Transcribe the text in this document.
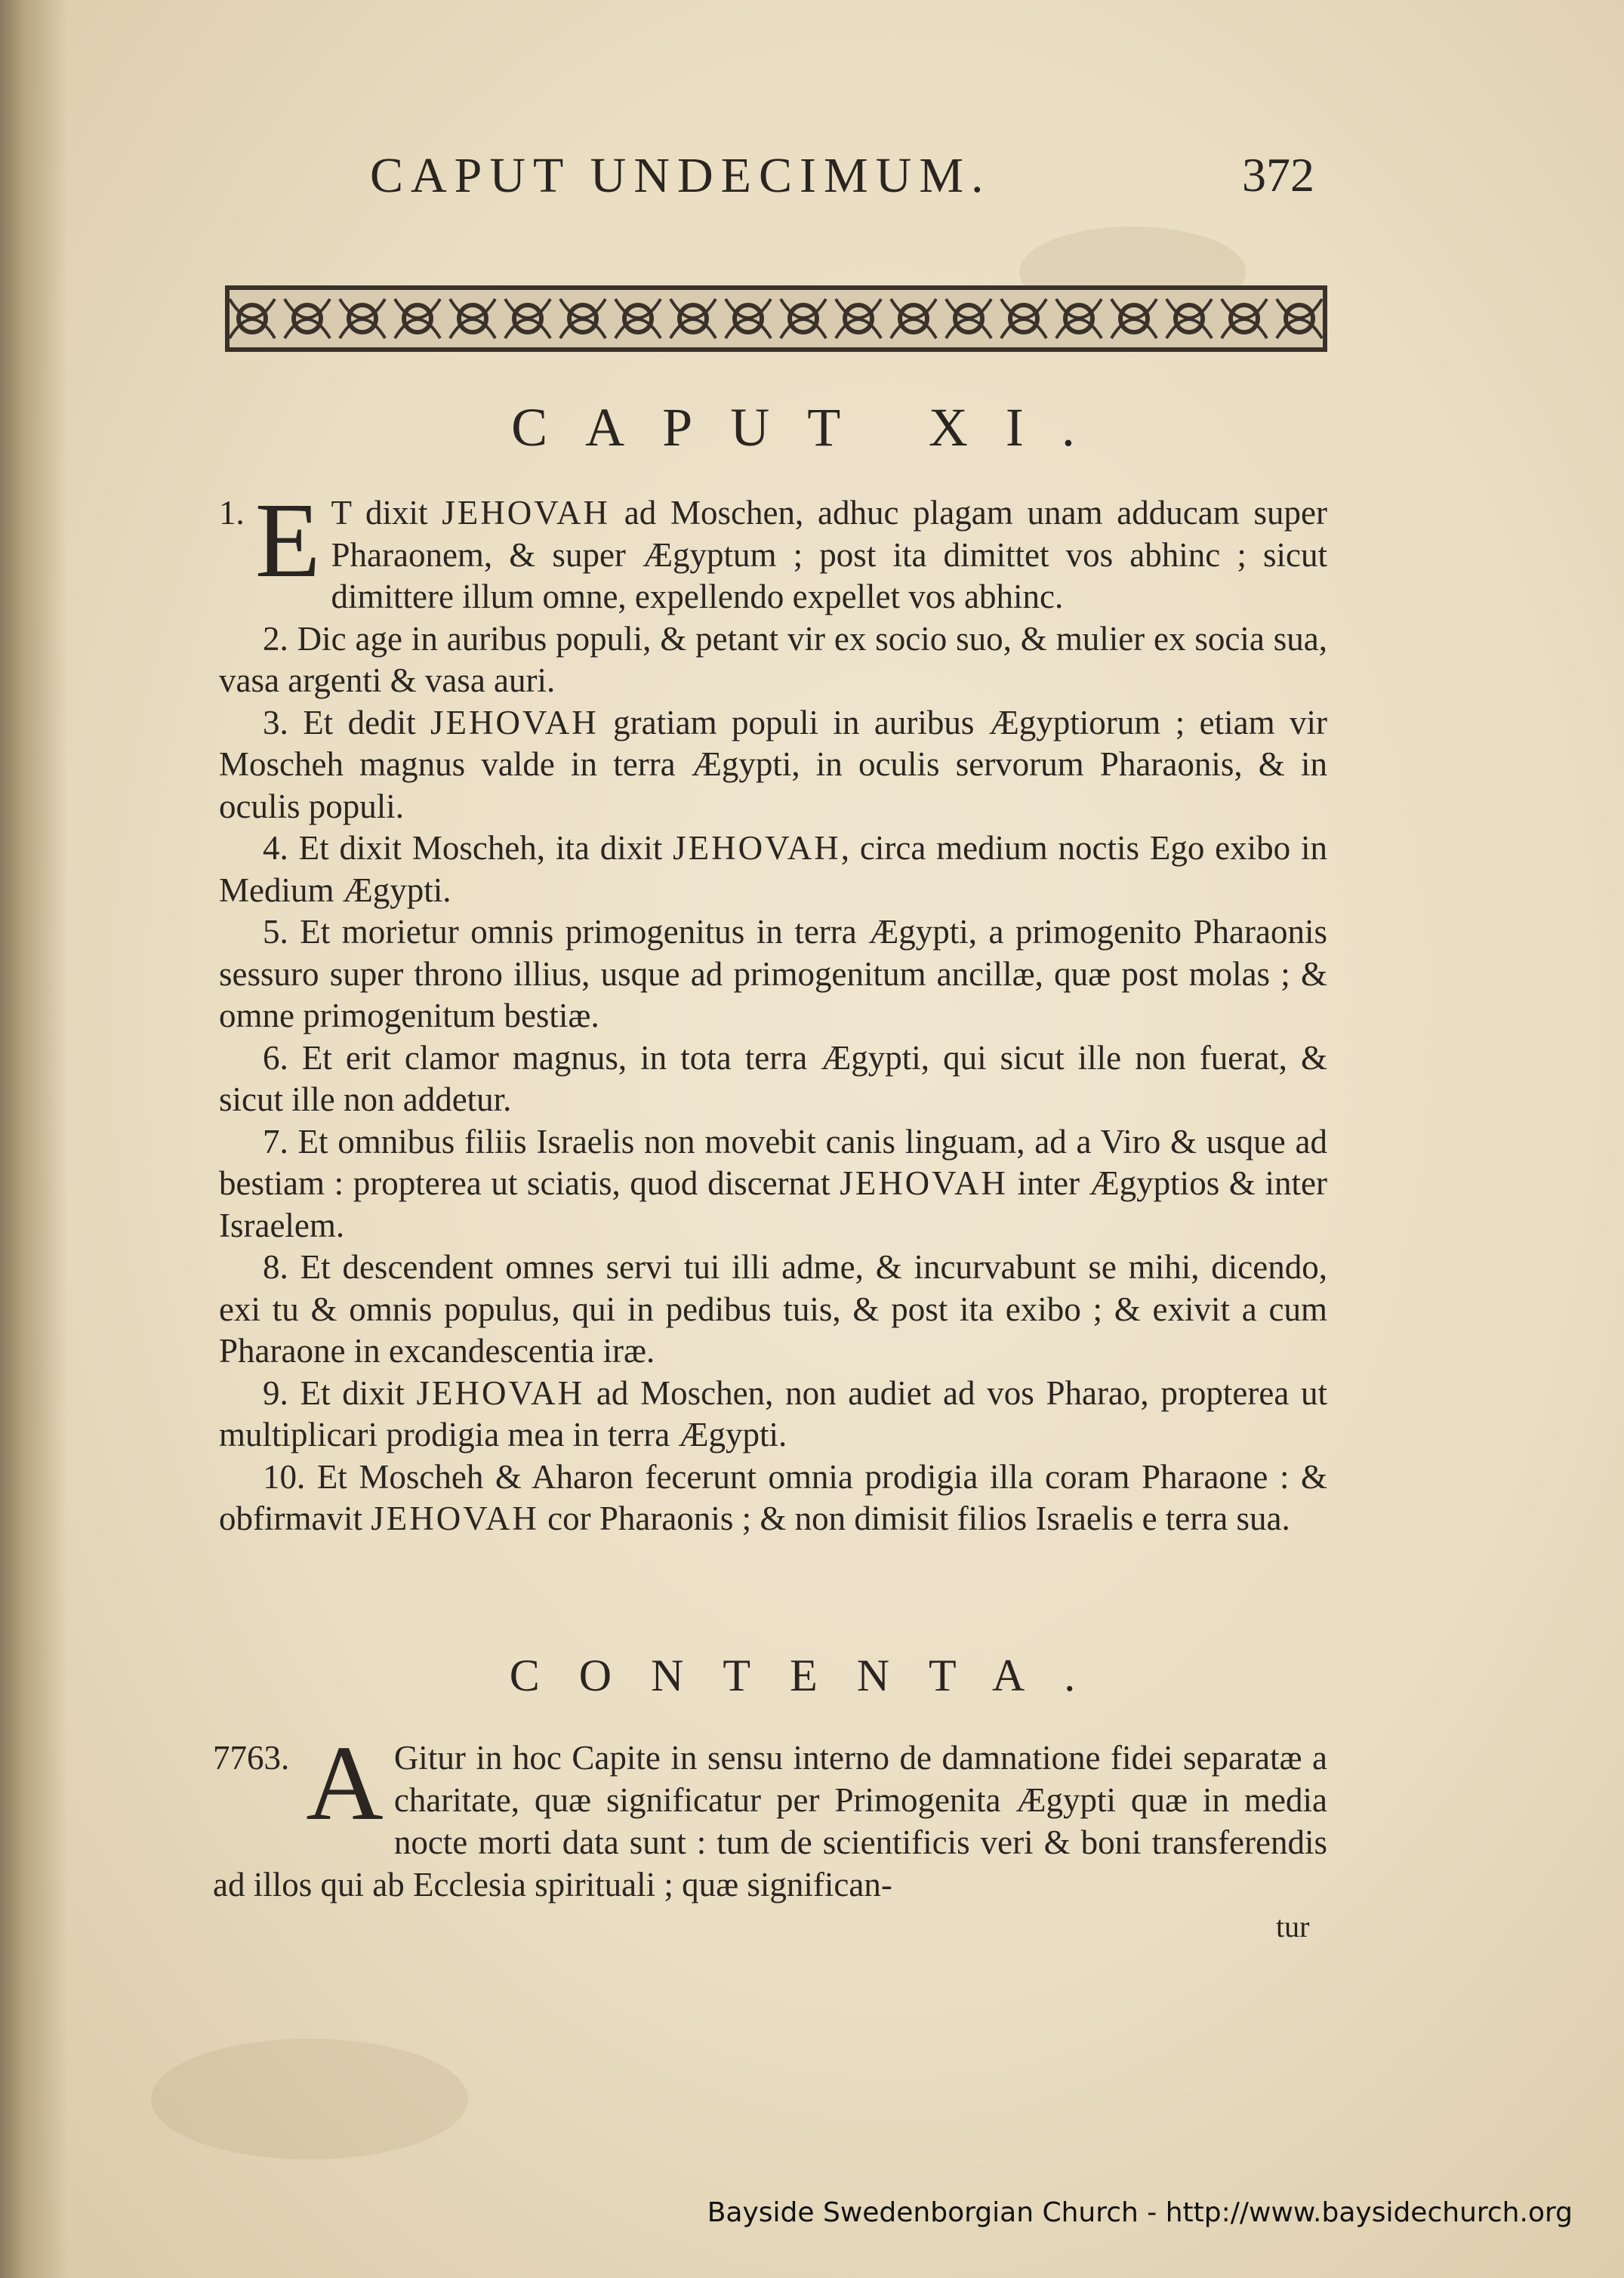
CAPUT UNDECIMUM.	372
CAPUT XI.

1. E T dixit JEHOVAH ad Moschen, adhuc plagam unam adducam super Pharaonem, & super Ægyptum ; post ita dimittet vos abhinc ; sicut dimittere illum omne, expellendo expellet vos abhinc.

2. Dic age in auribus populi, & petant vir ex socio suo, & mulier ex socia sua, vasa argenti & vasa auri.

3. Et dedit JEHOVAH gratiam populi in auribus Ægyptiorum ; etiam vir Moscheh magnus valde in terra Ægypti, in oculis servorum Pharaonis, & in oculis populi.

4. Et dixit Moscheh, ita dixit JEHOVAH, circa medium noctis Ego exibo in Medium Ægypti.

5. Et morietur omnis primogenitus in terra Ægypti, a primogenito Pharaonis sessuro super throno illius, usque ad primogenitum ancillæ, quæ post molas ; & omne primogenitum bestiæ.

6. Et erit clamor magnus, in tota terra Ægypti, qui sicut ille non fuerat, & sicut ille non addetur.

7. Et omnibus filiis Israelis non movebit canis linguam, ad a Viro & usque ad bestiam : propterea ut sciatis, quod discernat JEHOVAH inter Ægyptios & inter Israelem.

8. Et descendent omnes servi tui illi adme, & incurvabunt se mihi, dicendo, exi tu & omnis populus, qui in pedibus tuis, & post ita exibo ; & exivit a cum Pharaone in excandescentia iræ.

9. Et dixit JEHOVAH ad Moschen, non audiet ad vos Pharao, propterea ut multiplicari prodigia mea in terra Ægypti.

10. Et Moscheh & Aharon fecerunt omnia prodigia illa coram Pharaone : & obfirmavit JEHOVAH cor Pharaonis ; & non dimisit filios Israelis e terra sua.

CONTENTA.
7763. A Gitur in hoc Capite in sensu interno de damnatione fidei separatæ a charitate, quæ significatur per Primogenita Ægypti quæ in media nocte morti data sunt : tum de scientificis veri & boni transferendis ad illos qui ab Ecclesia spirituali ; quæ significan-
tur
Bayside Swedenborgian Church - http://www.baysidechurch.org
